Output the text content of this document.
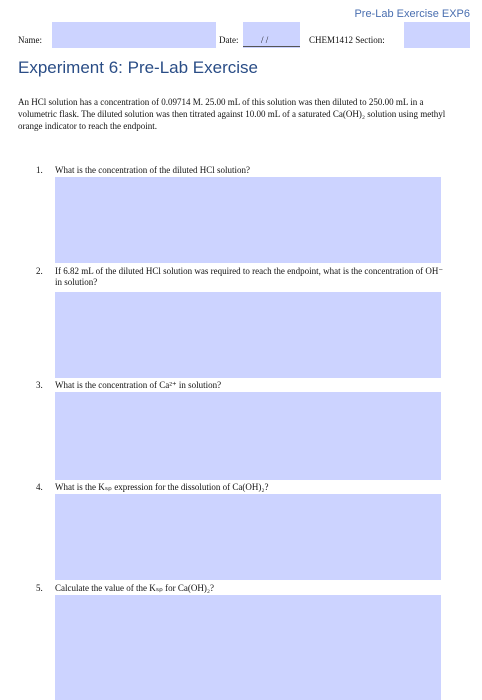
Pre-Lab Exercise EXP6
Name:	Date:	/ /	CHEM1412 Section:
Experiment 6: Pre-Lab Exercise

An HCl solution has a concentration of 0.09714 M. 25.00 mL of this solution was then diluted to 250.00 mL in a volumetric flask. The diluted solution was then titrated against 10.00 mL of a saturated Ca(OH)₂ solution using methyl orange indicator to reach the endpoint.

1.	What is the concentration of the diluted HCl solution?
2.	If 6.82 mL of the diluted HCl solution was required to reach the endpoint, what is the concentration of OH⁻ in solution?
3.	What is the concentration of Ca²⁺ in solution?
4.	What is the Kₛₚ expression for the dissolution of Ca(OH)₂?
5.	Calculate the value of the Kₛₚ for Ca(OH)₂?
